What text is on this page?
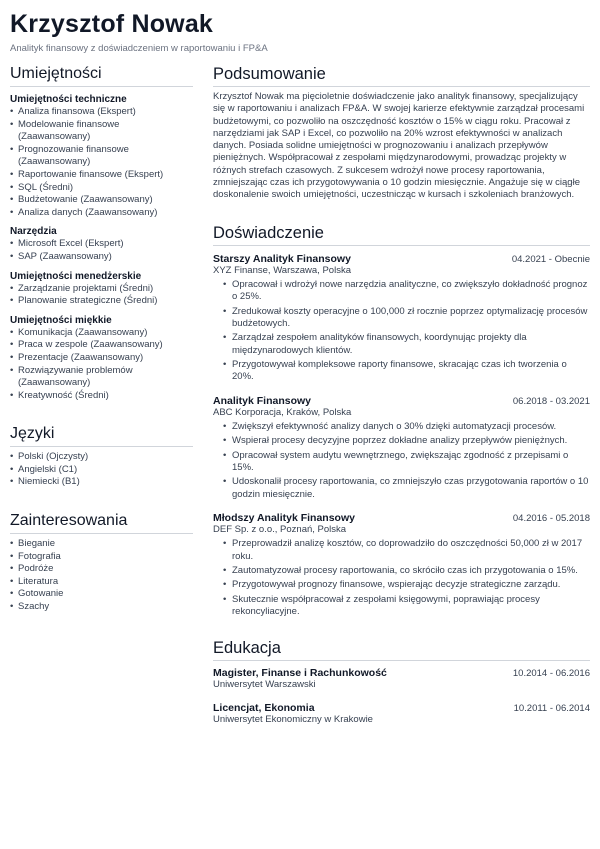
Krzysztof Nowak
Analityk finansowy z doświadczeniem w raportowaniu i FP&A
Umiejętności
Umiejętności techniczne
• Analiza finansowa (Ekspert)
• Modelowanie finansowe (Zaawansowany)
• Prognozowanie finansowe (Zaawansowany)
• Raportowanie finansowe (Ekspert)
• SQL (Średni)
• Budżetowanie (Zaawansowany)
• Analiza danych (Zaawansowany)
Narzędzia
• Microsoft Excel (Ekspert)
• SAP (Zaawansowany)
Umiejętności menedżerskie
• Zarządzanie projektami (Średni)
• Planowanie strategiczne (Średni)
Umiejętności miękkie
• Komunikacja (Zaawansowany)
• Praca w zespole (Zaawansowany)
• Prezentacje (Zaawansowany)
• Rozwiązywanie problemów (Zaawansowany)
• Kreatywność (Średni)
Języki
• Polski (Ojczysty)
• Angielski (C1)
• Niemiecki (B1)
Zainteresowania
• Bieganie
• Fotografia
• Podróże
• Literatura
• Gotowanie
• Szachy
Podsumowanie
Krzysztof Nowak ma pięcioletnie doświadczenie jako analityk finansowy, specjalizujący się w raportowaniu i analizach FP&A. W swojej karierze efektywnie zarządzał procesami budżetowymi, co pozwoliło na oszczędność kosztów o 15% w ciągu roku. Pracował z narzędziami jak SAP i Excel, co pozwoliło na 20% wzrost efektywności w analizach danych. Posiada solidne umiejętności w prognozowaniu i analizach przepływów pieniężnych. Współpracował z zespołami międzynarodowymi, prowadząc projekty w różnych strefach czasowych. Z sukcesem wdrożył nowe procesy raportowania, zmniejszając czas ich przygotowywania o 10 godzin miesięcznie. Angażuje się w ciągłe doskonalenie swoich umiejętności, uczestnicząc w kursach i szkoleniach branżowych.
Doświadczenie
Starszy Analityk Finansowy	04.2021 - Obecnie
XYZ Finanse, Warszawa, Polska
• Opracował i wdrożył nowe narzędzia analityczne, co zwiększyło dokładność prognoz o 25%.
• Zredukował koszty operacyjne o 100,000 zł rocznie poprzez optymalizację procesów budżetowych.
• Zarządzał zespołem analityków finansowych, koordynując projekty dla międzynarodowych klientów.
• Przygotowywał kompleksowe raporty finansowe, skracając czas ich tworzenia o 20%.
Analityk Finansowy	06.2018 - 03.2021
ABC Korporacja, Kraków, Polska
• Zwiększył efektywność analizy danych o 30% dzięki automatyzacji procesów.
• Wspierał procesy decyzyjne poprzez dokładne analizy przepływów pieniężnych.
• Opracował system audytu wewnętrznego, zwiększając zgodność z przepisami o 15%.
• Udoskonalił procesy raportowania, co zmniejszyło czas przygotowania raportów o 10 godzin miesięcznie.
Młodszy Analityk Finansowy	04.2016 - 05.2018
DEF Sp. z o.o., Poznań, Polska
• Przeprowadził analizę kosztów, co doprowadziło do oszczędności 50,000 zł w 2017 roku.
• Zautomatyzował procesy raportowania, co skróciło czas ich przygotowania o 15%.
• Przygotowywał prognozy finansowe, wspierając decyzje strategiczne zarządu.
• Skutecznie współpracował z zespołami księgowymi, poprawiając procesy rekoncyliacyjne.
Edukacja
Magister, Finanse i Rachunkowość	10.2014 - 06.2016
Uniwersytet Warszawski
Licencjat, Ekonomia	10.2011 - 06.2014
Uniwersytet Ekonomiczny w Krakowie
